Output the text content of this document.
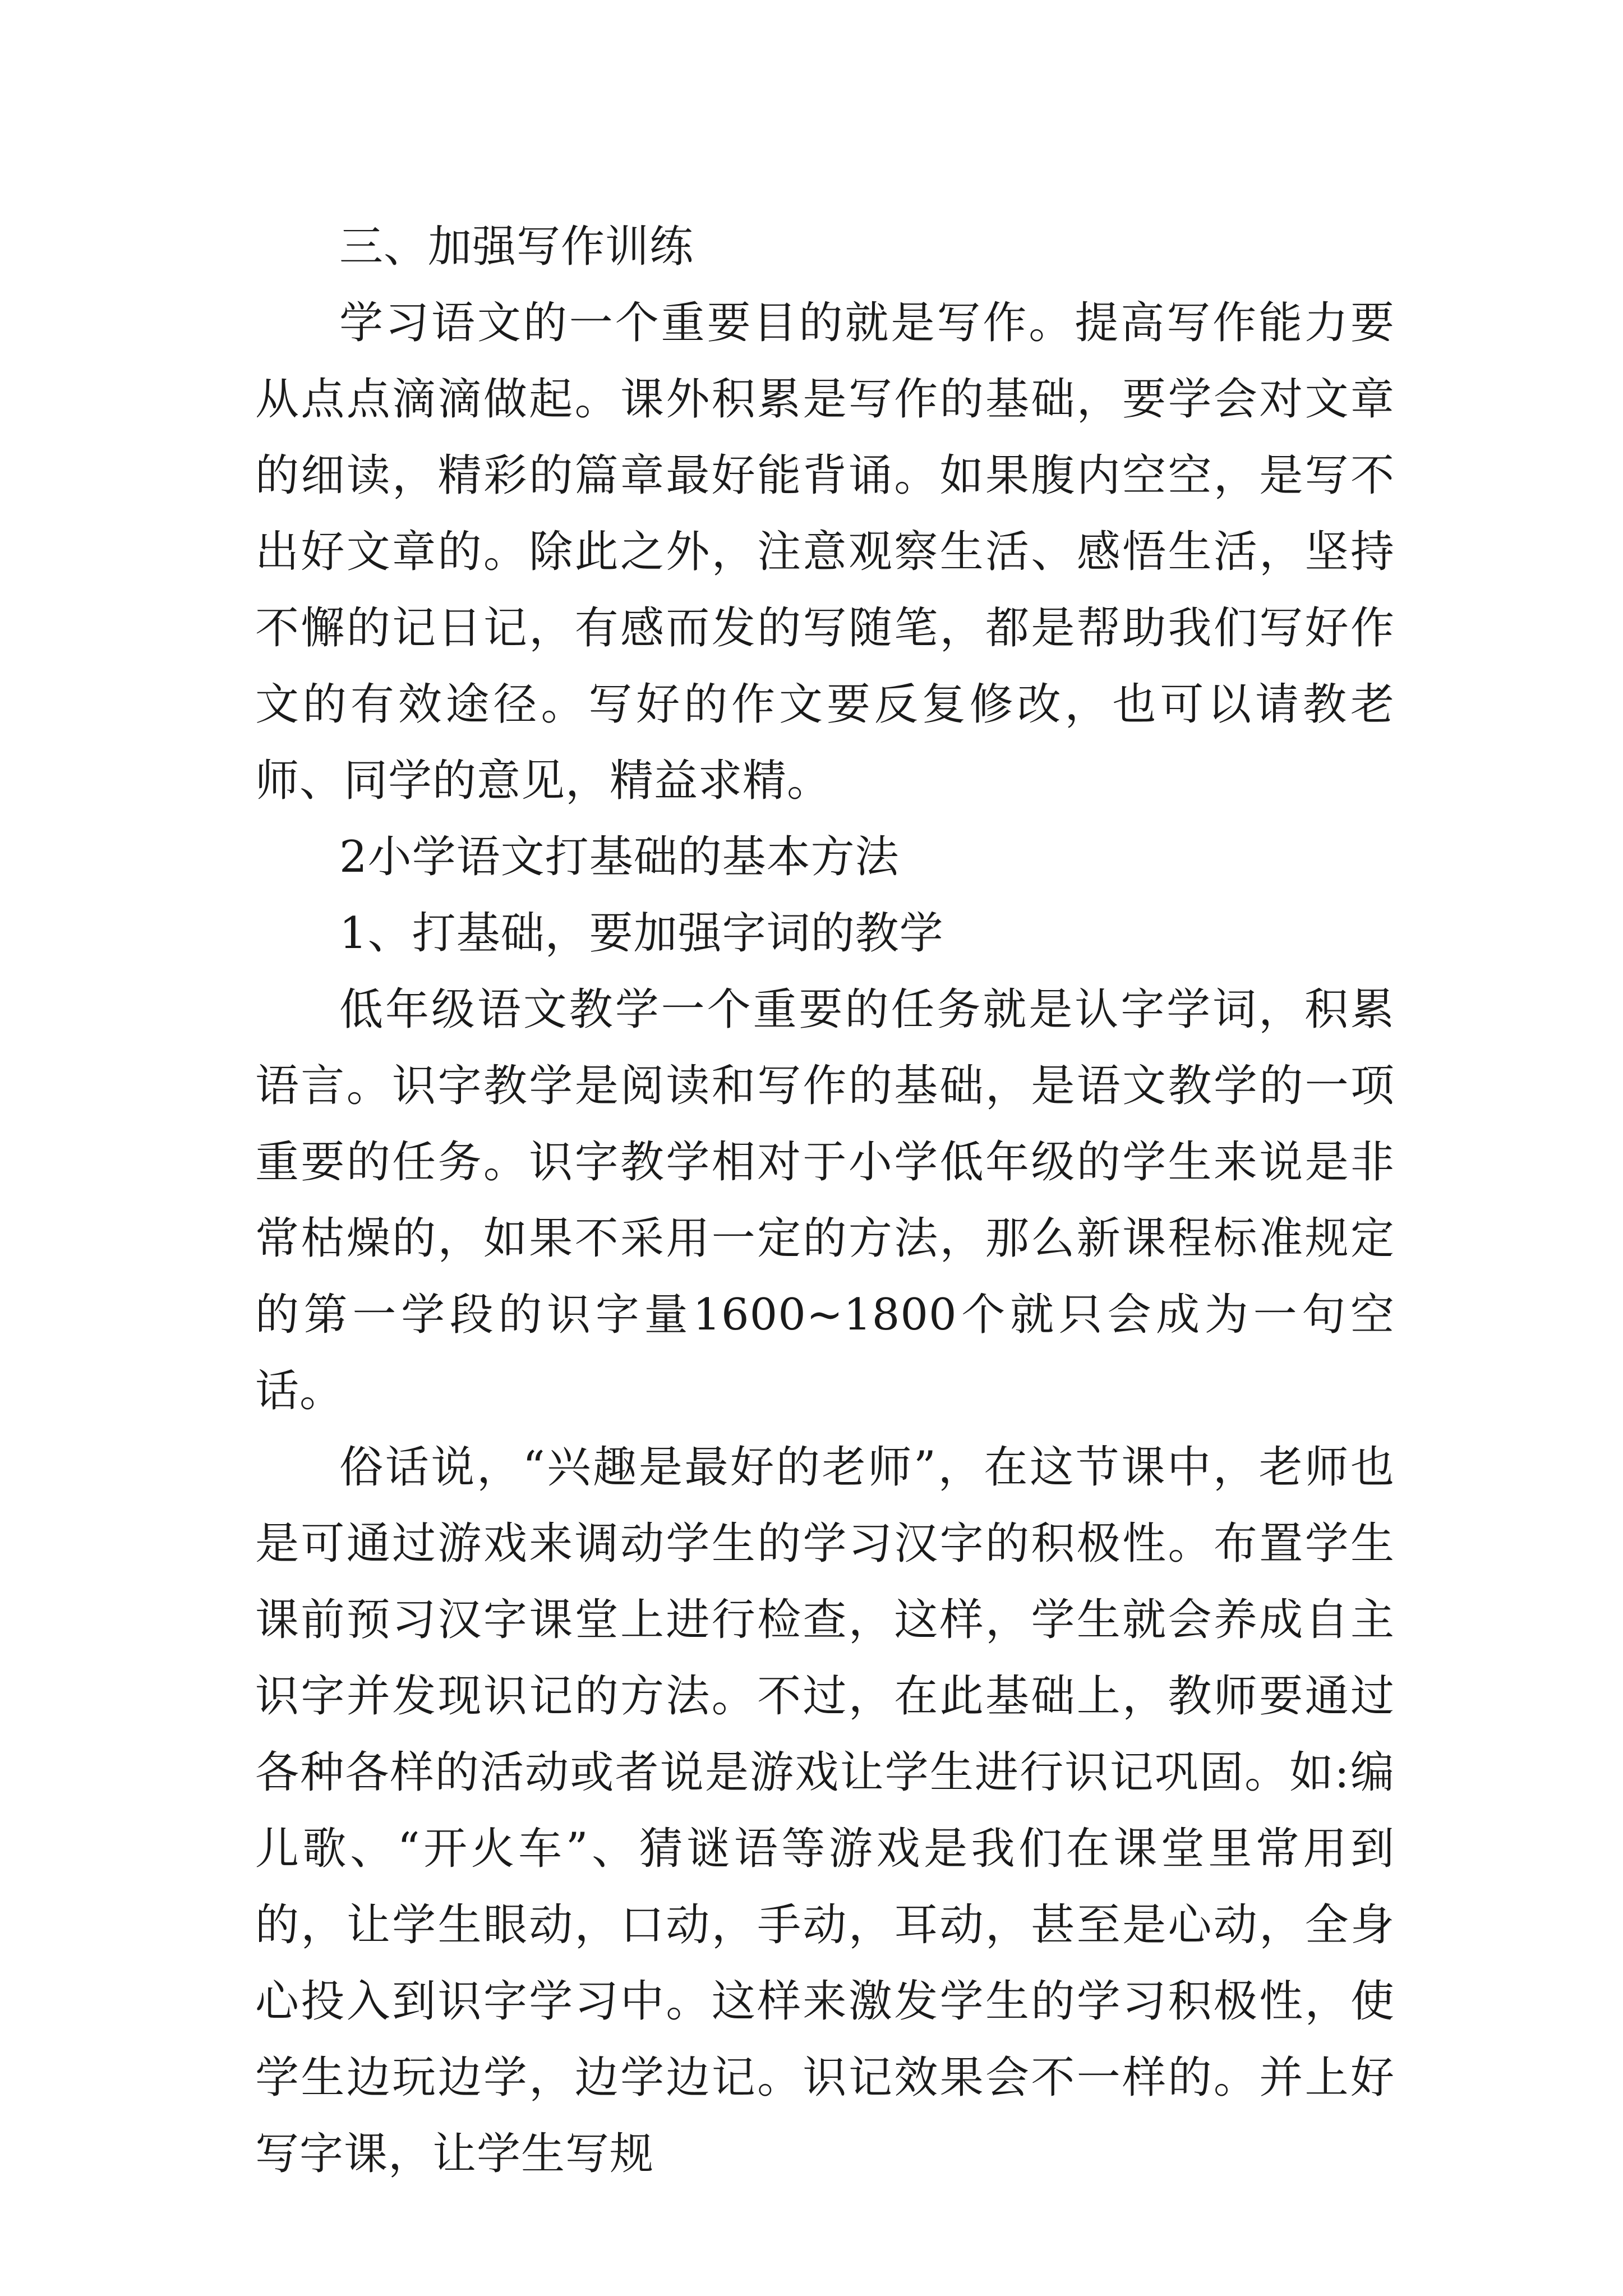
三、加强写作训练

学习语文的一个重要目的就是写作。提高写作能力要从点点滴滴做起。课外积累是写作的基础，要学会对文章的细读，精彩的篇章最好能背诵。如果腹内空空，是写不出好文章的。除此之外，注意观察生活、感悟生活，坚持不懈的记日记，有感而发的写随笔，都是帮助我们写好作文的有效途径。写好的作文要反复修改，也可以请教老师、同学的意见，精益求精。

2小学语文打基础的基本方法

1、打基础，要加强字词的教学

低年级语文教学一个重要的任务就是认字学词，积累语言。识字教学是阅读和写作的基础，是语文教学的一项重要的任务。识字教学相对于小学低年级的学生来说是非常枯燥的，如果不采用一定的方法，那么新课程标准规定的第一学段的识字量1600~1800个就只会成为一句空话。

俗话说，“兴趣是最好的老师”，在这节课中，老师也是可通过游戏来调动学生的学习汉字的积极性。布置学生课前预习汉字课堂上进行检查，这样，学生就会养成自主识字并发现识记的方法。不过，在此基础上，教师要通过各种各样的活动或者说是游戏让学生进行识记巩固。如:编儿歌、“开火车”、猜谜语等游戏是我们在课堂里常用到的，让学生眼动，口动，手动，耳动，甚至是心动，全身心投入到识字学习中。这样来激发学生的学习积极性，使学生边玩边学，边学边记。识记效果会不一样的。并上好写字课，让学生写规
